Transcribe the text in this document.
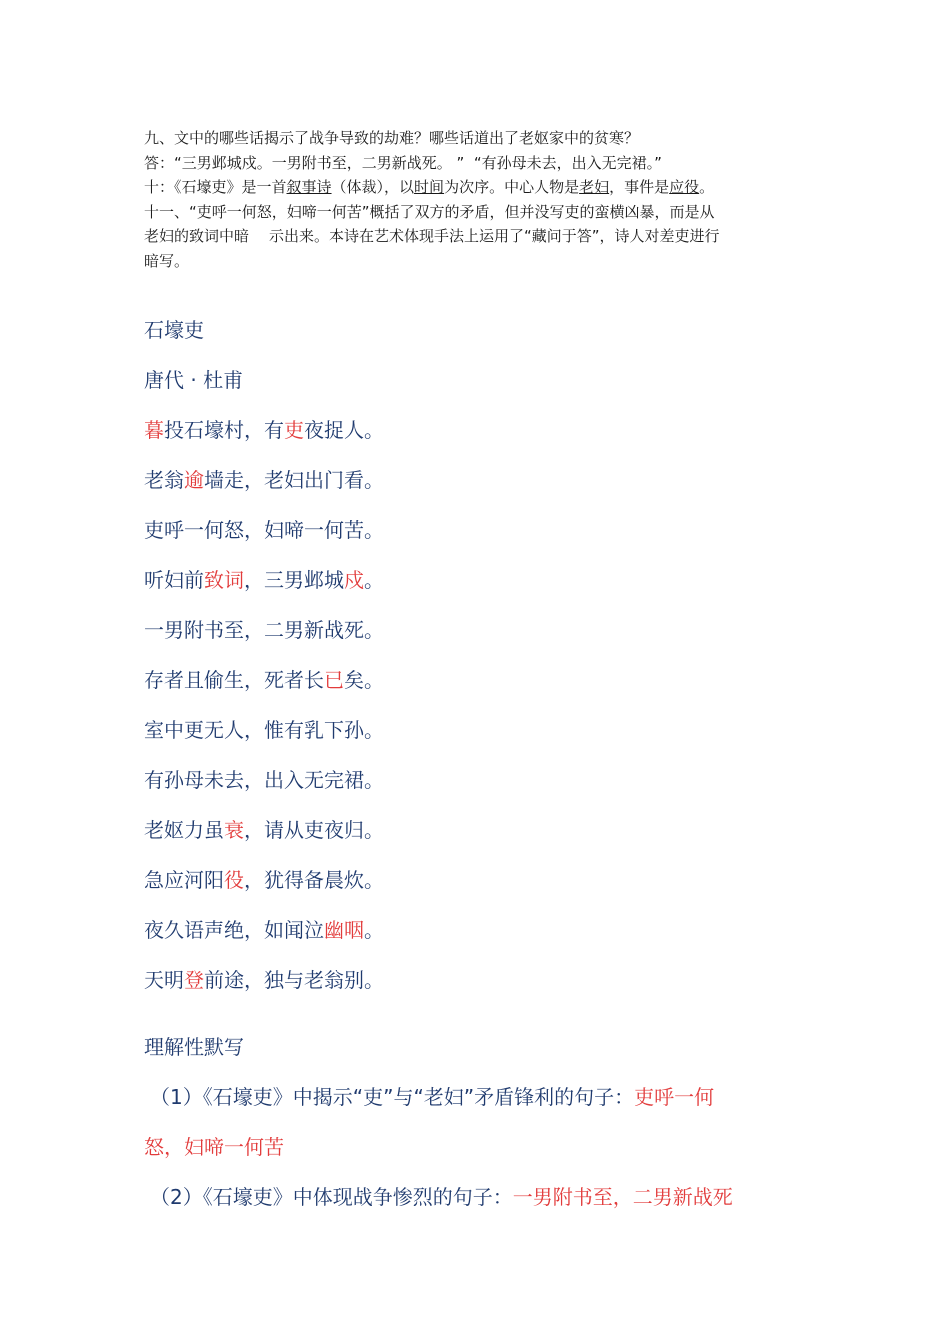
九、文中的哪些话揭示了战争导致的劫难？哪些话道出了老妪家中的贫寒？

答：“三男邺城戍。一男附书至，二男新战死。 ” “有孙母未去，出入无完裙。”

十：《石壕吏》是一首叙事诗（体裁），以时间为次序。中心人物是老妇，事件是应役。

十一、“吏呼一何怒，妇啼一何苦”概括了双方的矛盾，但并没写吏的蛮横凶暴，而是从

老妇的致词中暗 示出来。本诗在艺术体现手法上运用了“藏问于答”，诗人对差吏进行

暗写。

石壕吏

唐代 · 杜甫

暮投石壕村，有吏夜捉人。

老翁逾墙走，老妇出门看。

吏呼一何怒，妇啼一何苦。

听妇前致词，三男邺城戍。

一男附书至，二男新战死。

存者且偷生，死者长已矣。

室中更无人，惟有乳下孙。

有孙母未去，出入无完裙。

老妪力虽衰，请从吏夜归。

急应河阳役，犹得备晨炊。

夜久语声绝，如闻泣幽咽。

天明登前途，独与老翁别。

理解性默写

（1）《石壕吏》中揭示“吏”与“老妇”矛盾锋利的句子：吏呼一何

怒，妇啼一何苦

（2）《石壕吏》中体现战争惨烈的句子：一男附书至，二男新战死
